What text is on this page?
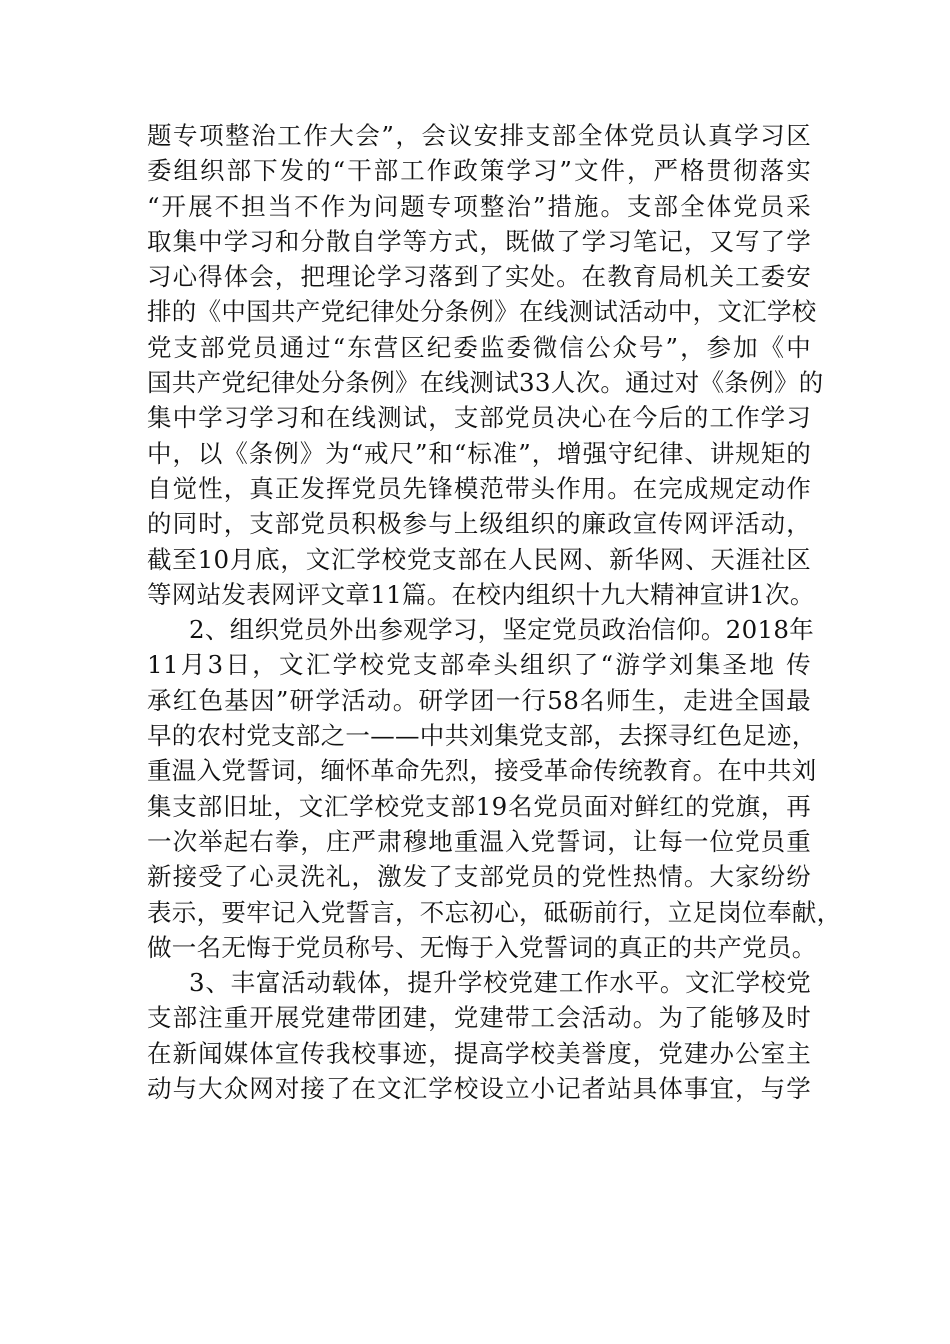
题专项整治工作大会”，会议安排支部全体党员认真学习区
委组织部下发的“干部工作政策学习”文件，严格贯彻落实
“开展不担当不作为问题专项整治”措施。支部全体党员采
取集中学习和分散自学等方式，既做了学习笔记，又写了学
习心得体会，把理论学习落到了实处。在教育局机关工委安
排的《中国共产党纪律处分条例》在线测试活动中，文汇学校
党支部党员通过“东营区纪委监委微信公众号”，参加《中
国共产党纪律处分条例》在线测试33人次。通过对《条例》的
集中学习学习和在线测试，支部党员决心在今后的工作学习
中，以《条例》为“戒尺”和“标准”，增强守纪律、讲规矩的
自觉性，真正发挥党员先锋模范带头作用。在完成规定动作
的同时，支部党员积极参与上级组织的廉政宣传网评活动，
截至10月底，文汇学校党支部在人民网、新华网、天涯社区
等网站发表网评文章11篇。在校内组织十九大精神宣讲1次。
2、组织党员外出参观学习，坚定党员政治信仰。2018年
11月3日，文汇学校党支部牵头组织了“游学刘集圣地 传
承红色基因”研学活动。研学团一行58名师生，走进全国最
早的农村党支部之一——中共刘集党支部，去探寻红色足迹，
重温入党誓词，缅怀革命先烈，接受革命传统教育。在中共刘
集支部旧址，文汇学校党支部19名党员面对鲜红的党旗，再
一次举起右拳，庄严肃穆地重温入党誓词，让每一位党员重
新接受了心灵洗礼，激发了支部党员的党性热情。大家纷纷
表示，要牢记入党誓言，不忘初心，砥砺前行，立足岗位奉献，
做一名无悔于党员称号、无悔于入党誓词的真正的共产党员。
3、丰富活动载体，提升学校党建工作水平。文汇学校党
支部注重开展党建带团建，党建带工会活动。为了能够及时
在新闻媒体宣传我校事迹，提高学校美誉度，党建办公室主
动与大众网对接了在文汇学校设立小记者站具体事宜，与学
